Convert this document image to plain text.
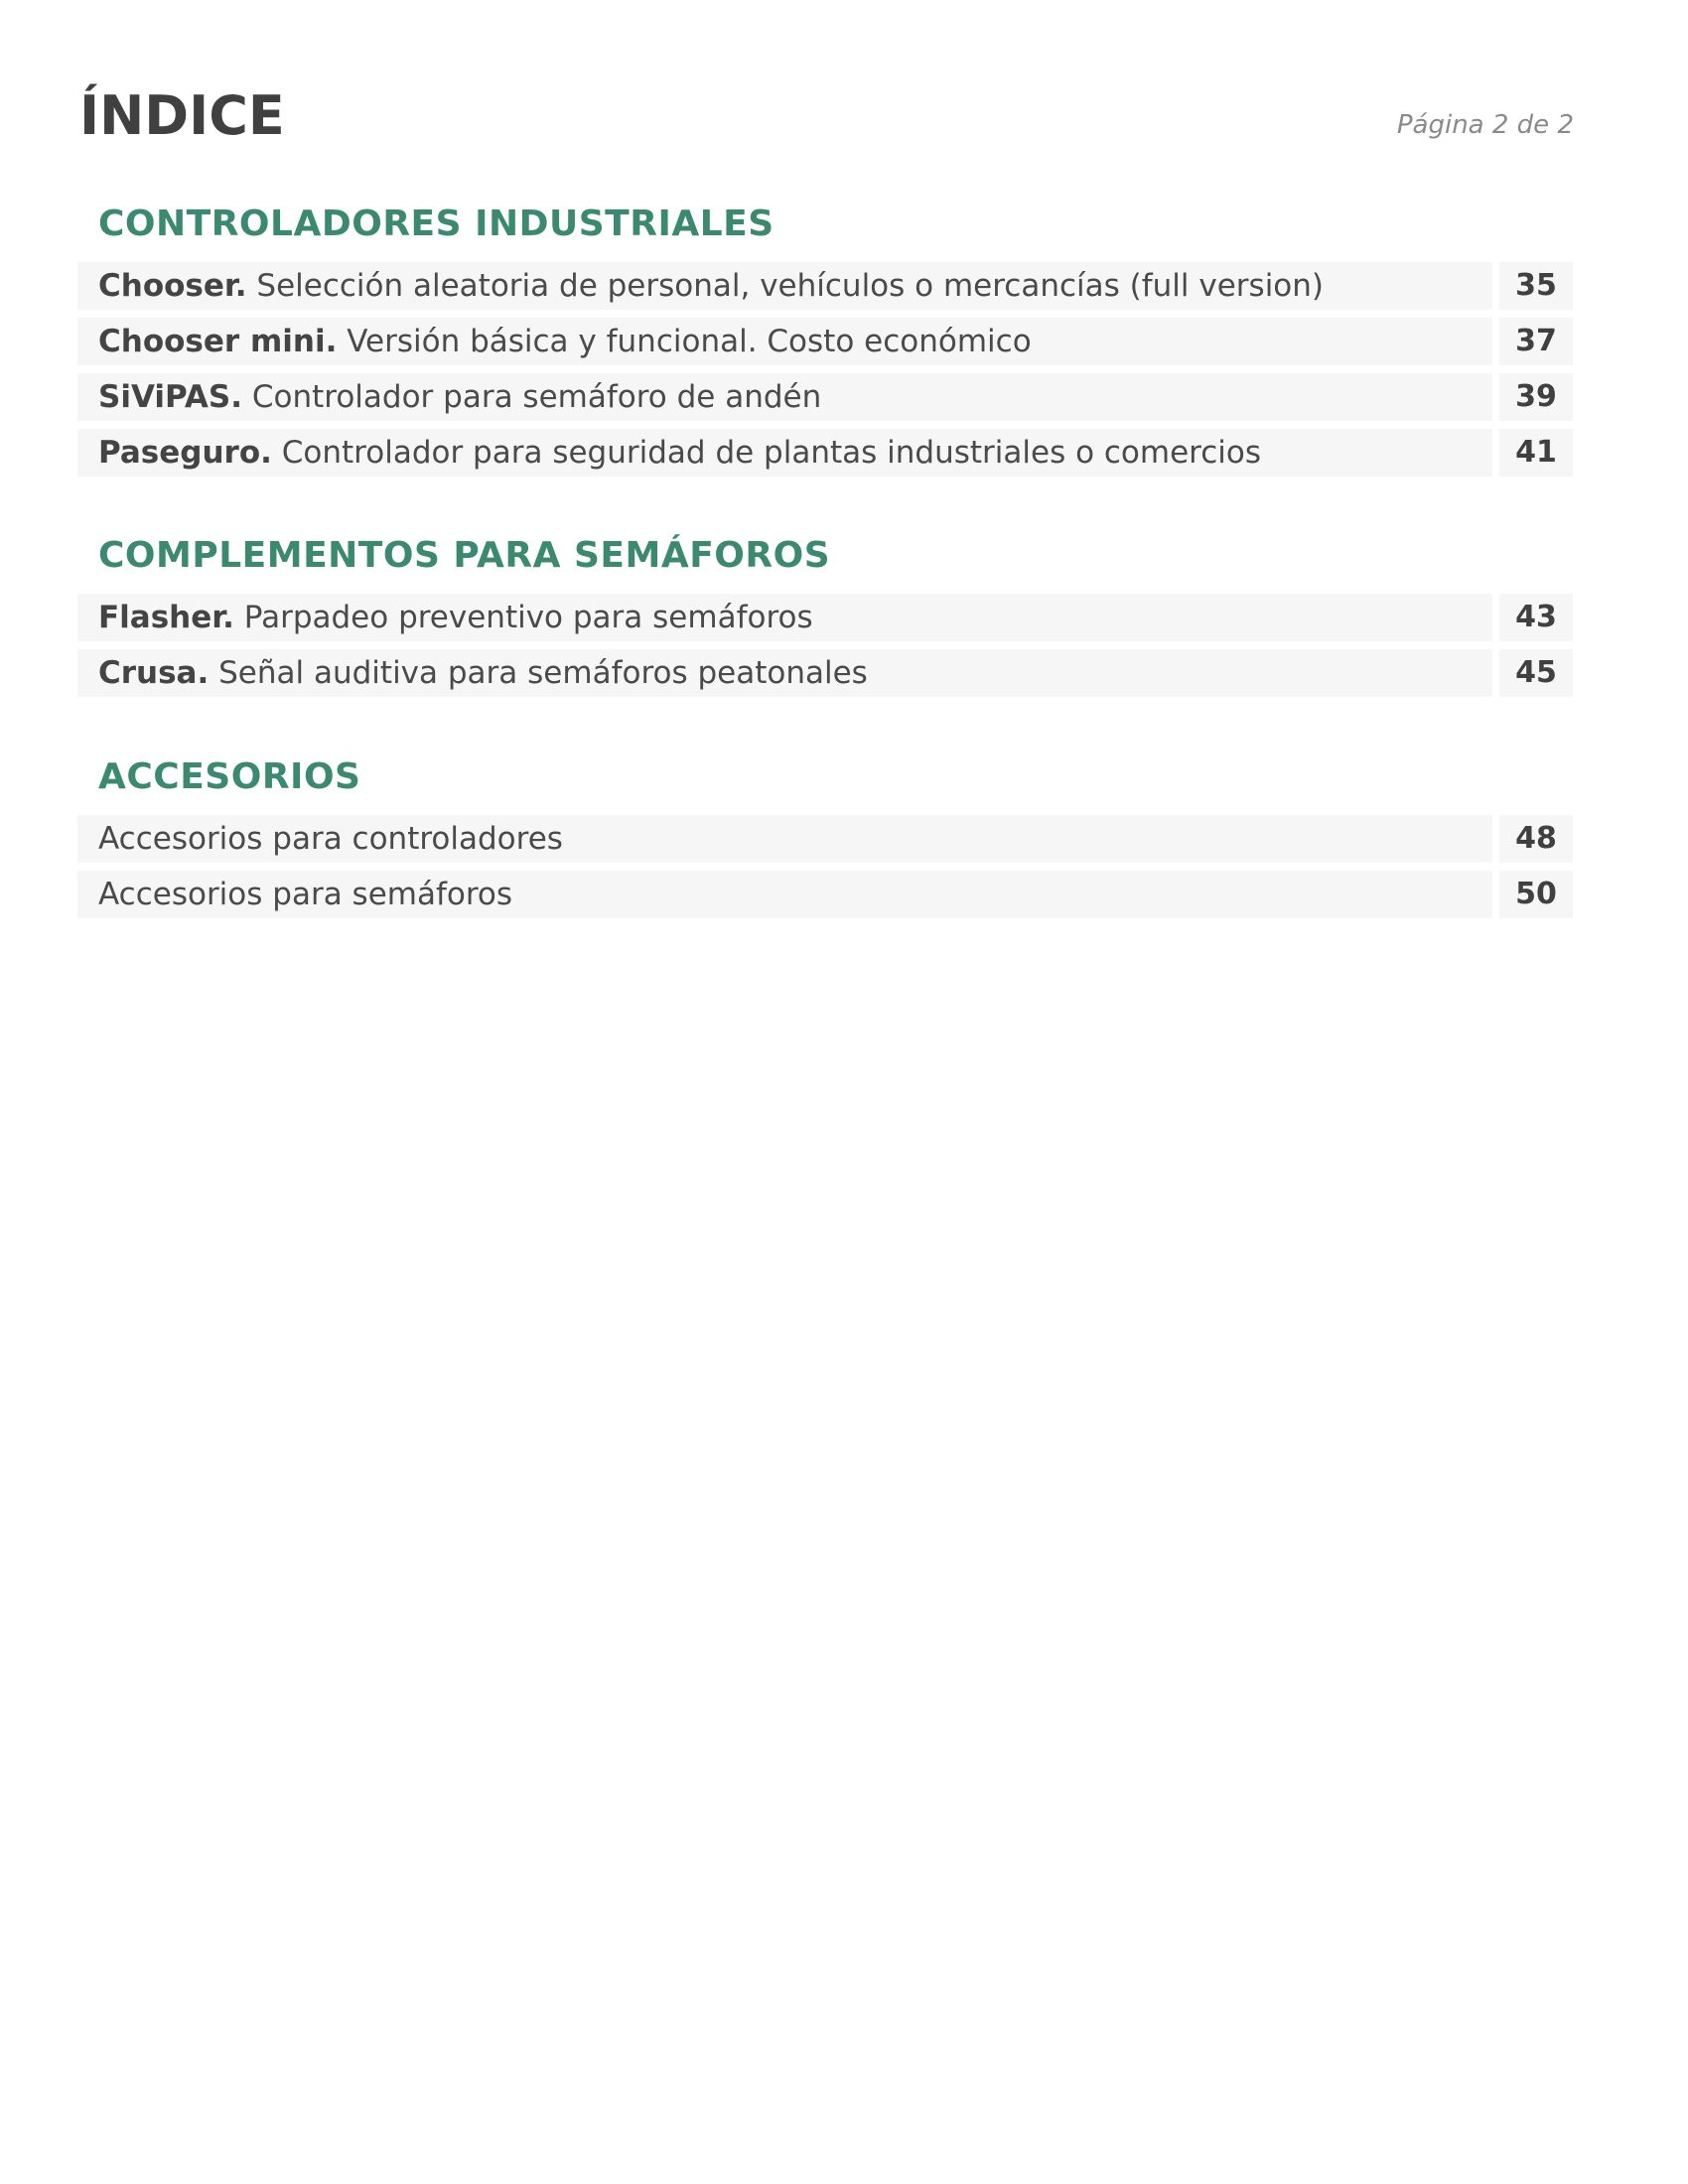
ÍNDICE	Página 2 de 2
CONTROLADORES INDUSTRIALES
Chooser. Selección aleatoria de personal, vehículos o mercancías (full version)	35
Chooser mini. Versión básica y funcional. Costo económico	37
SiViPAS. Controlador para semáforo de andén	39
Paseguro. Controlador para seguridad de plantas industriales o comercios	41
COMPLEMENTOS PARA SEMÁFOROS
Flasher. Parpadeo preventivo para semáforos	43
Crusa. Señal auditiva para semáforos peatonales	45
ACCESORIOS
Accesorios para controladores	48
Accesorios para semáforos	50
